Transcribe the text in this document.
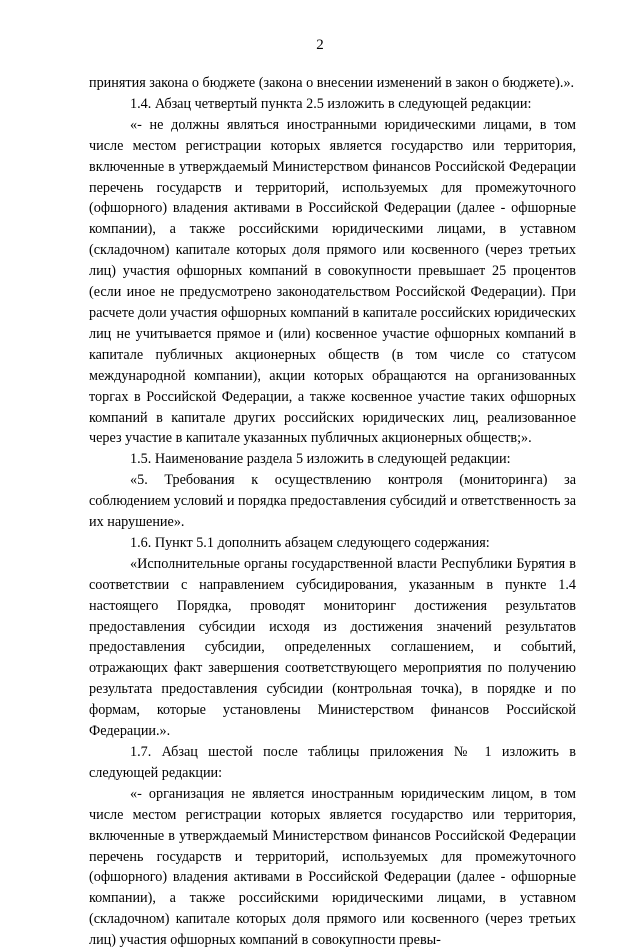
2

принятия закона о бюджете (закона о внесении изменений в закон о бюджете).».

1.4. Абзац четвертый пункта 2.5 изложить в следующей редакции:

«- не должны являться иностранными юридическими лицами, в том числе местом регистрации которых является государство или территория, включенные в утверждаемый Министерством финансов Российской Федерации перечень государств и территорий, используемых для промежуточного (офшорного) владения активами в Российской Федерации (далее - офшорные компании), а также российскими юридическими лицами, в уставном (складочном) капитале которых доля прямого или косвенного (через третьих лиц) участия офшорных компаний в совокупности превышает 25 процентов (если иное не предусмотрено законодательством Российской Федерации). При расчете доли участия офшорных компаний в капитале российских юридических лиц не учитывается прямое и (или) косвенное участие офшорных компаний в капитале публичных акционерных обществ (в том числе со статусом международной компании), акции которых обращаются на организованных торгах в Российской Федерации, а также косвенное участие таких офшорных компаний в капитале других российских юридических лиц, реализованное через участие в капитале указанных публичных акционерных обществ;».

1.5. Наименование раздела 5 изложить в следующей редакции:

«5. Требования к осуществлению контроля (мониторинга) за соблюдением условий и порядка предоставления субсидий и ответственность за их нарушение».

1.6. Пункт 5.1 дополнить абзацем следующего содержания:

«Исполнительные органы государственной власти Республики Бурятия в соответствии с направлением субсидирования, указанным в пункте 1.4 настоящего Порядка, проводят мониторинг достижения результатов предоставления субсидии исходя из достижения значений результатов предоставления субсидии, определенных соглашением, и событий, отражающих факт завершения соответствующего мероприятия по получению результата предоставления субсидии (контрольная точка), в порядке и по формам, которые установлены Министерством финансов Российской Федерации.».

1.7. Абзац шестой после таблицы приложения № 1 изложить в следующей редакции:

«- организация не является иностранным юридическим лицом, в том числе местом регистрации которых является государство или территория, включенные в утверждаемый Министерством финансов Российской Федерации перечень государств и территорий, используемых для промежуточного (офшорного) владения активами в Российской Федерации (далее - офшорные компании), а также российскими юридическими лицами, в уставном (складочном) капитале которых доля прямого или косвенного (через третьих лиц) участия офшорных компаний в совокупности превы-
